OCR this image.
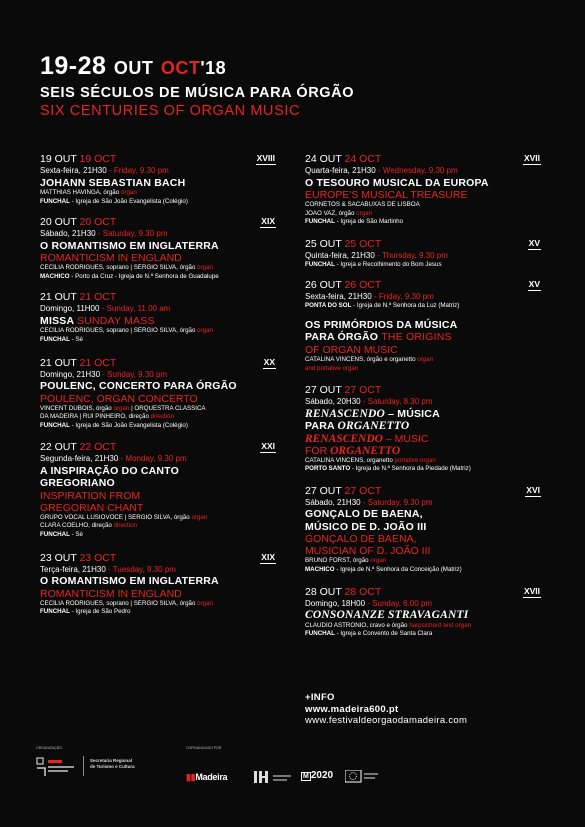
19-28 OUT OCT'18
SEIS SÉCULOS DE MÚSICA PARA ÓRGÃO
SIX CENTURIES OF ORGAN MUSIC
19 OUT 19 OCT	XVIII
Sexta-feira, 21H30 - Friday, 9.30 pm
JOHANN SEBASTIAN BACH
MATTHIAS HAVINGA, órgão organ
FUNCHAL - Igreja de São João Evangelista (Colégio)
20 OUT 20 OCT	XIX
Sábado, 21H30 - Saturday, 9.30 pm
O ROMANTISMO EM INGLATERRA
ROMANTICISM IN ENGLAND
CECÍLIA RODRIGUES, soprano | SÉRGIO SILVA, órgão organ
MACHICO - Porto da Cruz - Igreja de N.ª Senhora de Guadalupe
21 OUT 21 OCT
Domingo, 11H00 - Sunday, 11.00 am
MISSA SUNDAY MASS
CECÍLIA RODRIGUES, soprano | SÉRGIO SILVA, órgão organ
FUNCHAL - Sé
21 OUT 21 OCT	XX
Domingo, 21H30 - Sunday, 9.30 pm
POULENC, CONCERTO PARA ÓRGÃO
POULENC, ORGAN CONCERTO
VINCENT DUBOIS, órgão organ | ORQUESTRA CLÁSSICA
DA MADEIRA | RUI PINHEIRO, direção direction
FUNCHAL - Igreja de São João Evangelista (Colégio)
22 OUT 22 OCT	XXI
Segunda-feira, 21H30 - Monday, 9.30 pm
A INSPIRAÇÃO DO CANTO
GREGORIANO
INSPIRATION FROM
GREGORIAN CHANT
GRUPO VOCAL LUSIOVOCE | SÉRGIO SILVA, órgão organ
CLARA COELHO, direção direction
FUNCHAL - Sé
23 OUT 23 OCT	XIX
Terça-feira, 21H30 - Tuesday, 9.30 pm
O ROMANTISMO EM INGLATERRA
ROMANTICISM IN ENGLAND
CECÍLIA RODRIGUES, soprano | SÉRGIO SILVA, órgão organ
FUNCHAL - Igreja de São Pedro
24 OUT 24 OCT	XVII
Quarta-feira, 21H30 - Wednesday, 9.30 pm
O TESOURO MUSICAL DA EUROPA
EUROPE'S MUSICAL TREASURE
CORNETOS & SACABUXAS DE LISBOA
JOÃO VAZ, órgão organ
FUNCHAL - Igreja de São Martinho
25 OUT 25 OCT	XV
Quinta-feira, 21H30 - Thursday, 9.30 pm
FUNCHAL - Igreja e Recolhimento do Bom Jesus
26 OUT 26 OCT	XV
Sexta-feira, 21H30 - Friday, 9.30 pm
PONTA DO SOL - Igreja de N.ª Senhora da Luz (Matriz)
OS PRIMÓRDIOS DA MÚSICA
PARA ÓRGÃO THE ORIGINS
OF ORGAN MUSIC
CATALINA VINCENS, órgão e organetto organ
and portative organ
27 OUT 27 OCT
Sábado, 20H30 - Saturday, 8.30 pm
RENASCENDO – MÚSICA
PARA ORGANETTO
RENASCENDO – MUSIC
FOR ORGANETTO
CATALINA VINCENS, organetto portative organ
PORTO SANTO - Igreja de N.ª Senhora da Piedade (Matriz)
27 OUT 27 OCT	XVI
Sábado, 21H30 - Saturday, 9.30 pm
GONÇALO DE BAENA,
MÚSICO DE D. JOÃO III
GONÇALO DE BAENA,
MUSICIAN OF D. JOÃO III
BRUNO FORST, órgão organ
MACHICO - Igreja de N.ª Senhora da Conceição (Matriz)
28 OUT 28 OCT	XVII
Domingo, 18H00 - Sunday, 6.00 pm
CONSONANZE STRAVAGANTI
CLAUDIO ASTRONIO, cravo e órgão harpsichord and organ
FUNCHAL - Igreja e Convento de Santa Clara
+INFO
www.madeira600.pt
www.festivaldeorgaodamadeira.com
ORGANIZAÇÃO
Secretaria Regional de Turismo e Cultura
COFINANCIADO POR
▮▮Madeira	M 2020
